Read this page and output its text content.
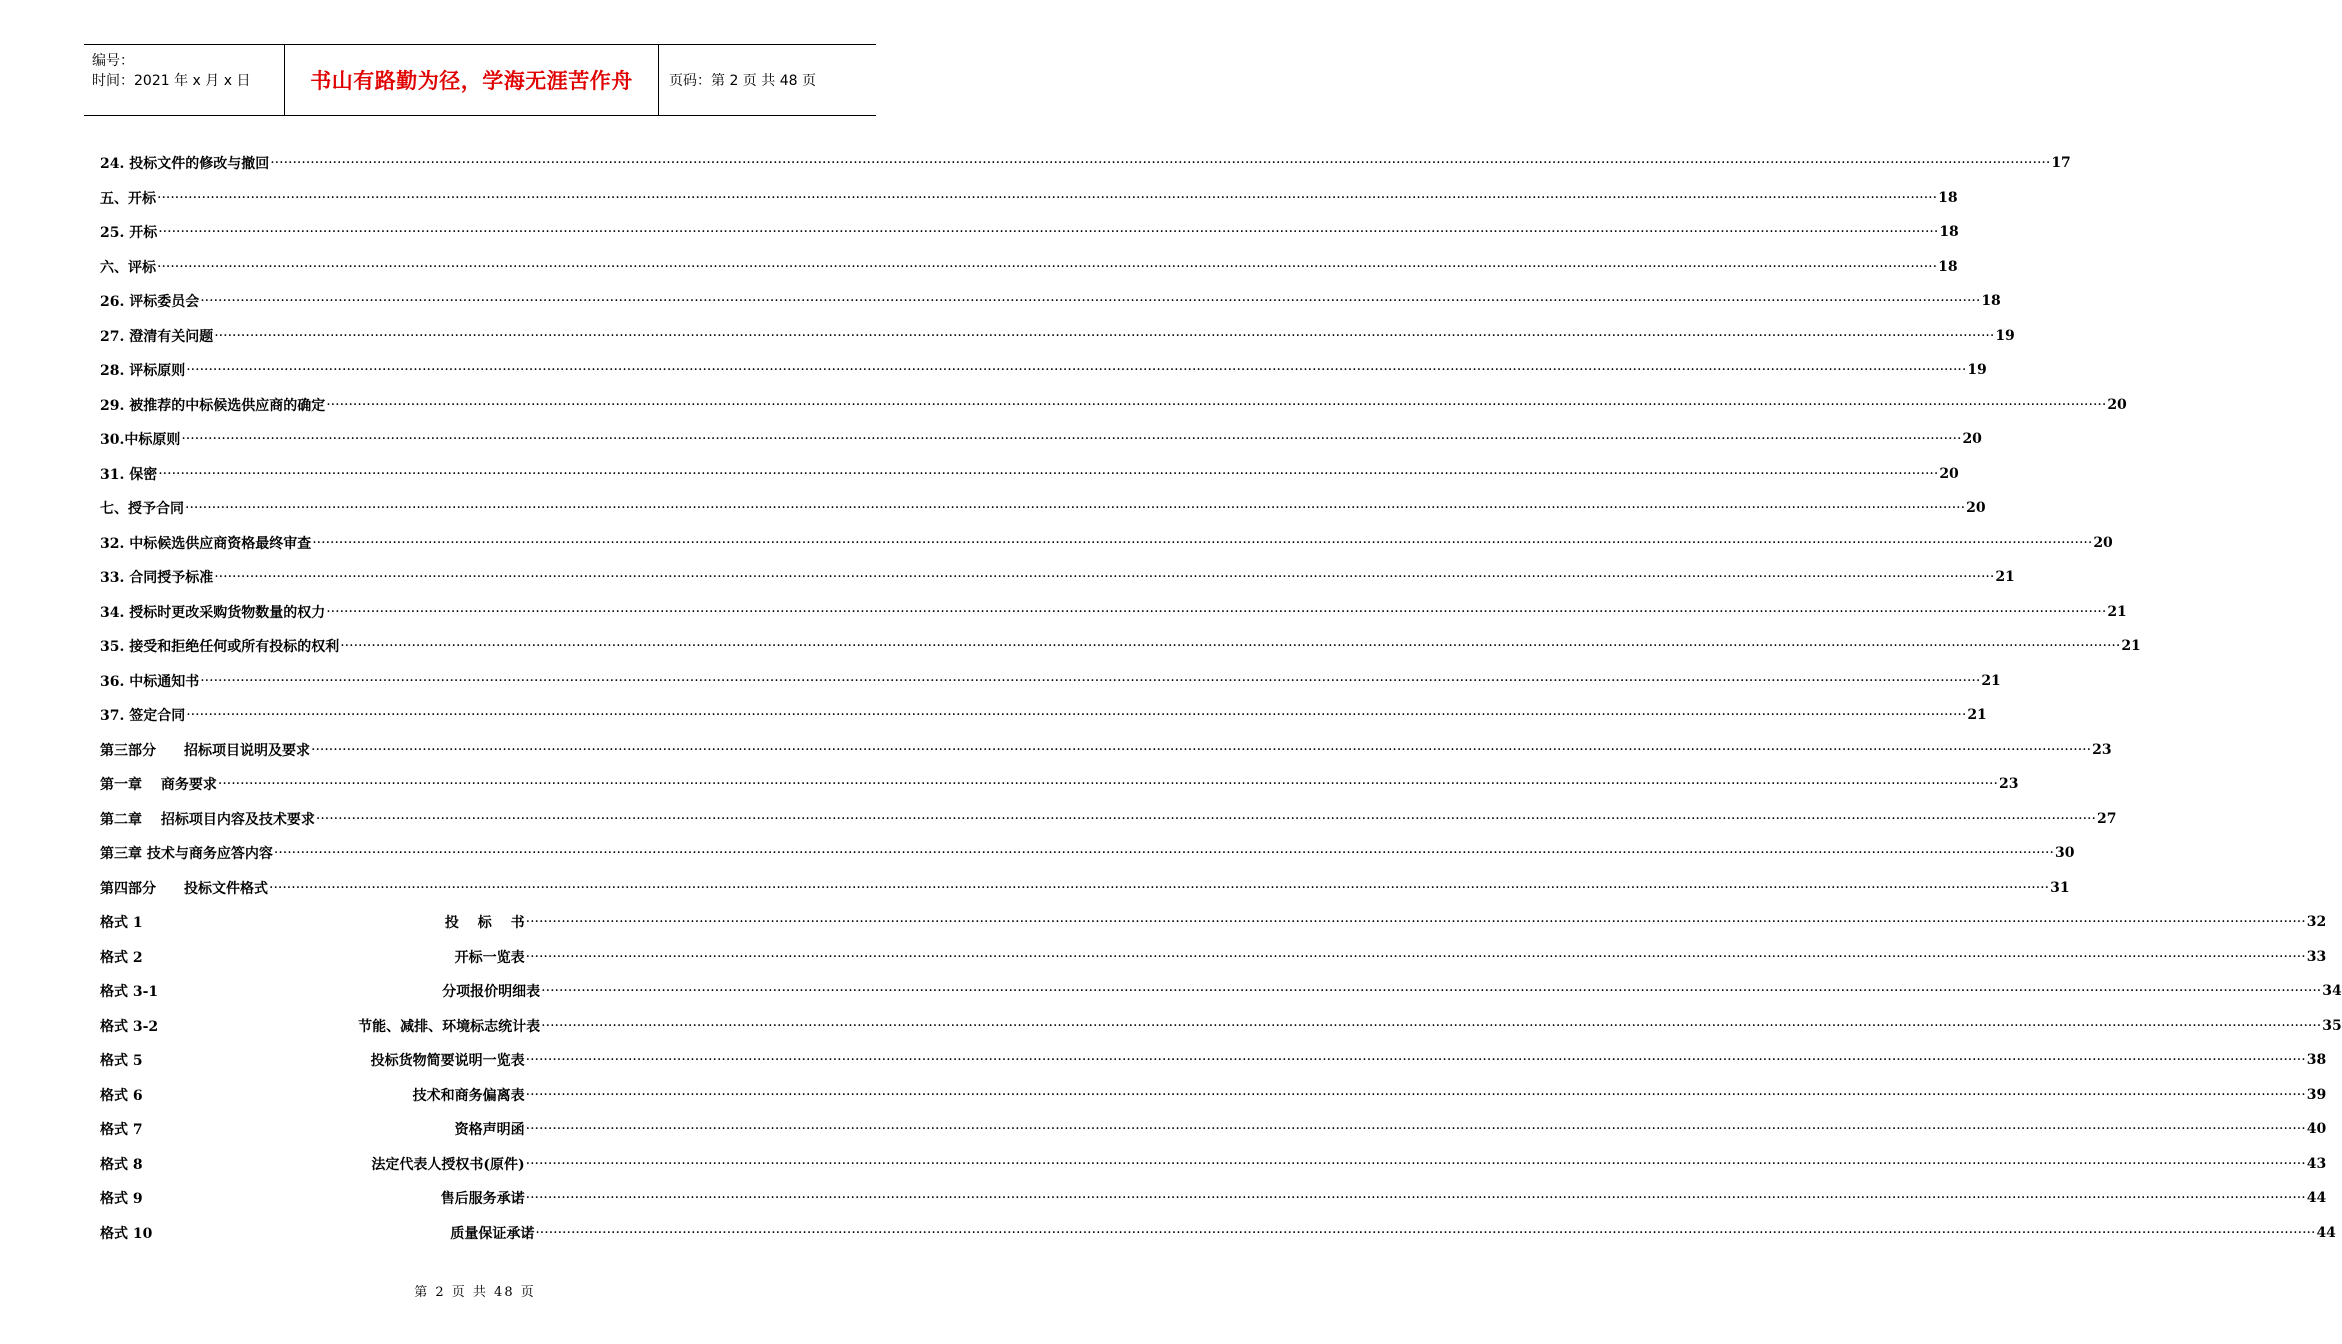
编号：
时间：2021 年 x 月 x 日	书山有路勤为径，学海无涯苦作舟	页码：第 2 页 共 48 页
24. 投标文件的修改与撤回 ················································································································································································································································································································································································································ 17
五、开标 ················································································································································································································································································································································································································ 18
25. 开标 ················································································································································································································································································································································································································ 18
六、评标 ················································································································································································································································································································································································································ 18
26. 评标委员会 ················································································································································································································································································································································································································ 18
27. 澄清有关问题 ················································································································································································································································································································································································································ 19
28. 评标原则 ················································································································································································································································································································································································································ 19
29. 被推荐的中标候选供应商的确定 ················································································································································································································································································································································································································ 20
30.中标原则 ················································································································································································································································································································································································································ 20
31. 保密 ················································································································································································································································································································································································································ 20
七、授予合同 ················································································································································································································································································································································································································ 20
32. 中标候选供应商资格最终审查 ················································································································································································································································································································································································································ 20
33. 合同授予标准 ················································································································································································································································································································································································································ 21
34. 授标时更改采购货物数量的权力 ················································································································································································································································································································································································································ 21
35. 接受和拒绝任何或所有投标的权利 ················································································································································································································································································································································································································ 21
36. 中标通知书 ················································································································································································································································································································································································································ 21
37. 签定合同 ················································································································································································································································································································································································································ 21
第三部分　　招标项目说明及要求 ················································································································································································································································································································································································································ 23
第一章　 商务要求 ················································································································································································································································································································································································································ 23
第二章　 招标项目内容及技术要求 ················································································································································································································································································································································································································ 27
第三章 技术与商务应答内容 ················································································································································································································································································································································································································ 30
第四部分　　投标文件格式 ················································································································································································································································································································································································································ 31
格式 1	投　 标　 书 ················································································································································································································································································································································································································ 32
格式 2	开标一览表 ················································································································································································································································································································································································································ 33
格式 3-1	分项报价明细表 ················································································································································································································································································································································································································ 34
格式 3-2	节能、减排、环境标志统计表 ················································································································································································································································································································································································································ 35
格式 5	投标货物简要说明一览表 ················································································································································································································································································································································································································ 38
格式 6	技术和商务偏离表 ················································································································································································································································································································································································································ 39
格式 7	资格声明函 ················································································································································································································································································································································································································ 40
格式 8	法定代表人授权书(原件) ················································································································································································································································································································································································································ 43
格式 9	售后服务承诺 ················································································································································································································································································································································································································ 44
格式 10	质量保证承诺 ················································································································································································································································································································································································································ 44
第 2 页 共 48 页
